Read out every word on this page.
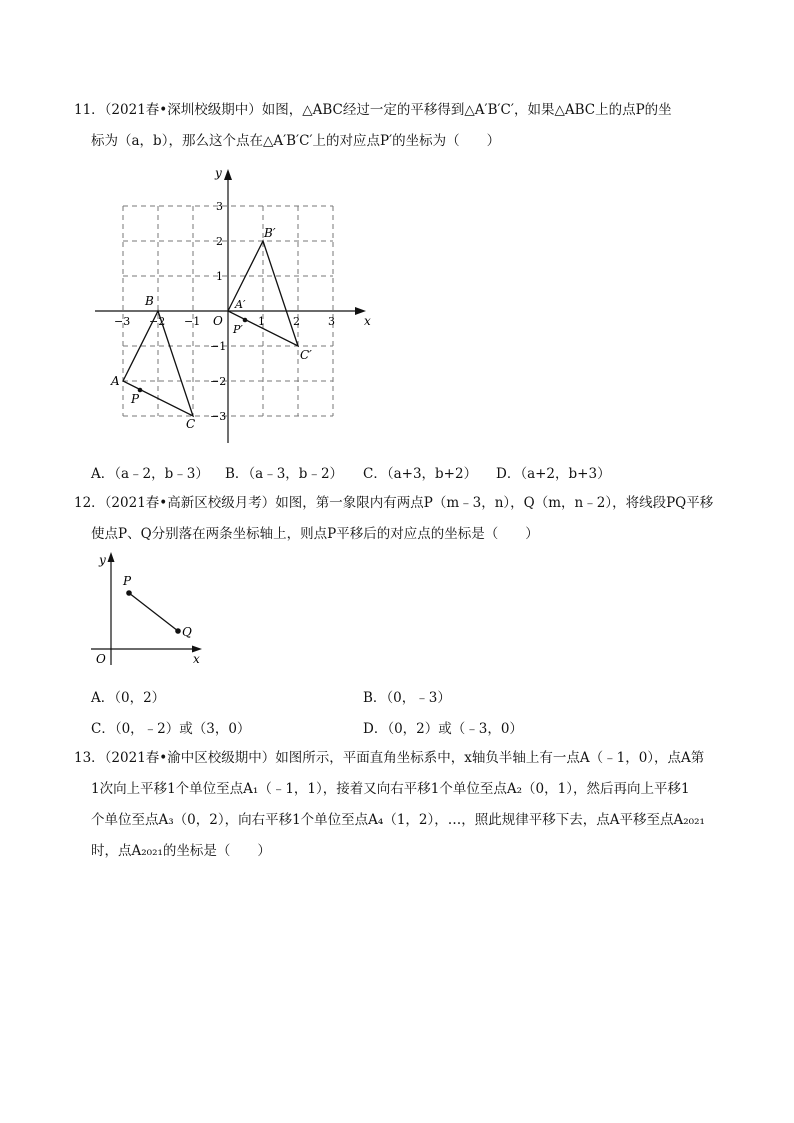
11．（2021春•深圳校级期中）如图，△ABC经过一定的平移得到△A′B′C′，如果△ABC上的点P的坐

标为（a，b），那么这个点在△A′B′C′上的对应点P′的坐标为（　　）

x
y
O
−3 −2 −1	1	2	3
3
2
1
−1
−2
−3
A
B
C
P
A′
B′
C′
P′
A．（a﹣2，b﹣3） B．（a﹣3，b﹣2） C．（a+3，b+2） D．（a+2，b+3）

12．（2021春•高新区校级月考）如图，第一象限内有两点P（m﹣3，n），Q（m，n﹣2），将线段PQ平移

使点P、Q分别落在两条坐标轴上，则点P平移后的对应点的坐标是（　　）

x
y
O
P
Q
A．（0，2）	B．（0，﹣3）
C．（0，﹣2）或（3，0）	D．（0，2）或（﹣3，0）

13．（2021春•渝中区校级期中）如图所示，平面直角坐标系中，x轴负半轴上有一点A（﹣1，0），点A第

1次向上平移1个单位至点A₁（﹣1，1），接着又向右平移1个单位至点A₂（0，1），然后再向上平移1

个单位至点A₃（0，2），向右平移1个单位至点A₄（1，2），…，照此规律平移下去，点A平移至点A₂₀₂₁

时，点A₂₀₂₁的坐标是（　　）
